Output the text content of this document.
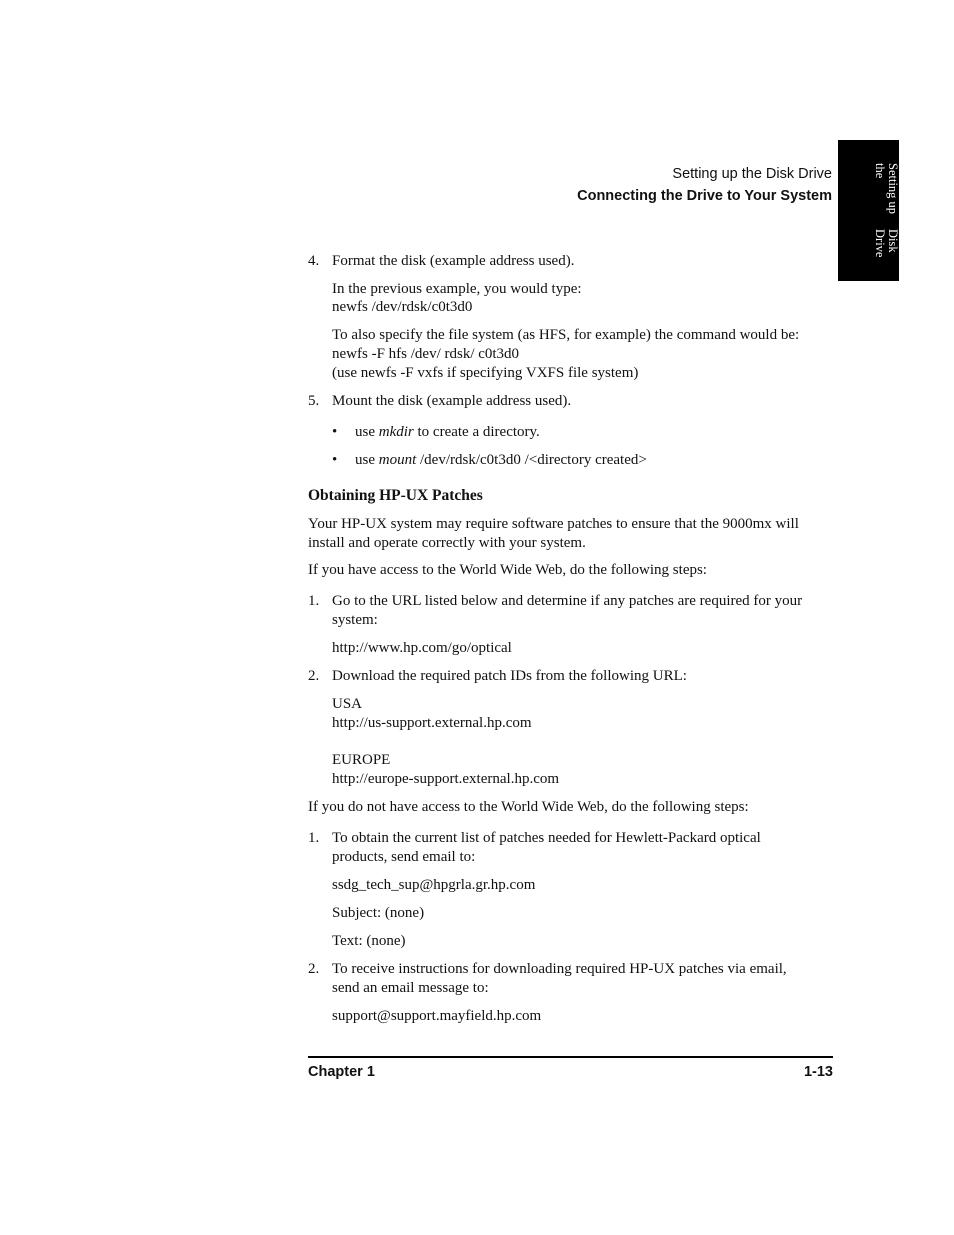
Setting up the Disk Drive
Connecting the Drive to Your System	Setting up the
Disk Drive
4. Format the disk (example address used).
In the previous example, you would type:
newfs /dev/rdsk/c0t3d0
To also specify the file system (as HFS, for example) the command would be:
newfs -F hfs /dev/ rdsk/ c0t3d0
(use newfs -F vxfs if specifying VXFS file system)
5. Mount the disk (example address used).
• use mkdir to create a directory.
• use mount /dev/rdsk/c0t3d0 /<directory created>
Obtaining HP-UX Patches
Your HP-UX system may require software patches to ensure that the 9000mx will
install and operate correctly with your system.
If you have access to the World Wide Web, do the following steps:
1. Go to the URL listed below and determine if any patches are required for your
system:
http://www.hp.com/go/optical
2. Download the required patch IDs from the following URL:
USA
http://us-support.external.hp.com
EUROPE
http://europe-support.external.hp.com
If you do not have access to the World Wide Web, do the following steps:
1. To obtain the current list of patches needed for Hewlett-Packard optical
products, send email to:
ssdg_tech_sup@hpgrla.gr.hp.com
Subject: (none)
Text: (none)
2. To receive instructions for downloading required HP-UX patches via email,
send an email message to:
support@support.mayfield.hp.com
Chapter 1	1-13
